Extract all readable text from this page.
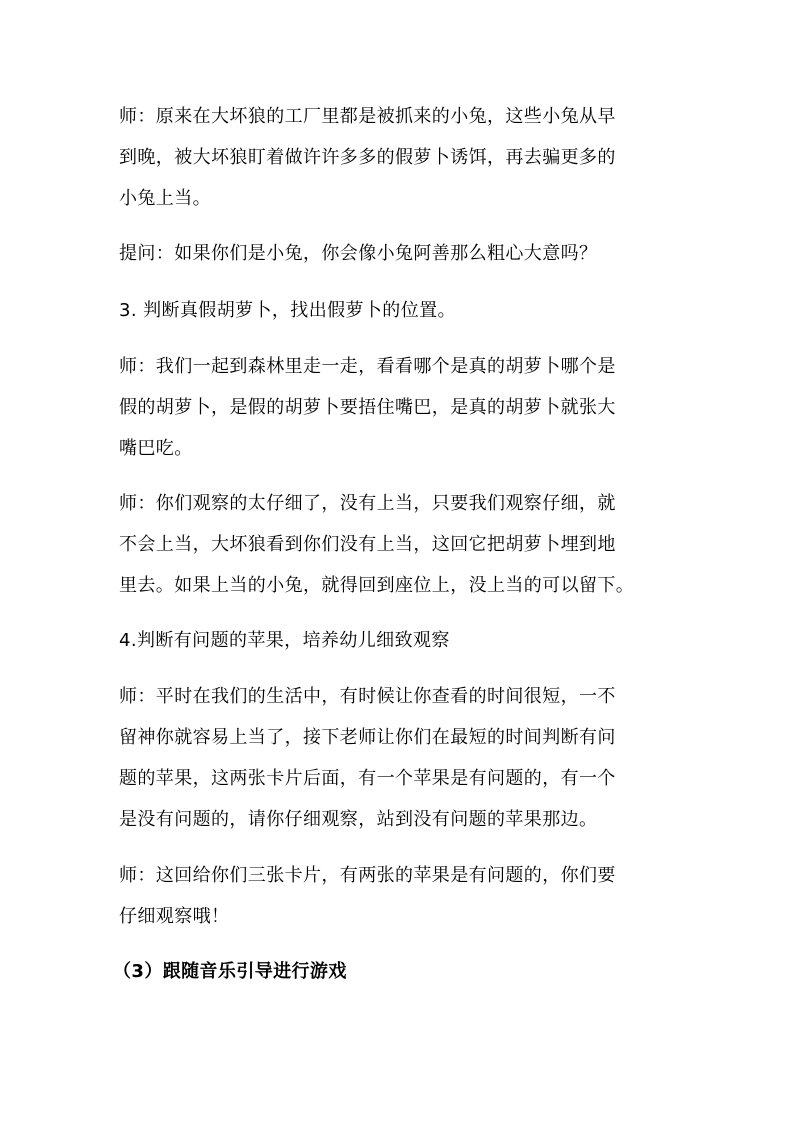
师：原来在大坏狼的工厂里都是被抓来的小兔，这些小兔从早
到晚，被大坏狼盯着做许许多多的假萝卜诱饵，再去骗更多的
小兔上当。
提问：如果你们是小兔，你会像小兔阿善那么粗心大意吗？
3. 判断真假胡萝卜，找出假萝卜的位置。
师：我们一起到森林里走一走，看看哪个是真的胡萝卜哪个是
假的胡萝卜，是假的胡萝卜要捂住嘴巴，是真的胡萝卜就张大
嘴巴吃。
师：你们观察的太仔细了，没有上当，只要我们观察仔细，就
不会上当，大坏狼看到你们没有上当，这回它把胡萝卜埋到地
里去。如果上当的小兔，就得回到座位上，没上当的可以留下。
4.判断有问题的苹果，培养幼儿细致观察
师：平时在我们的生活中，有时候让你查看的时间很短，一不
留神你就容易上当了，接下老师让你们在最短的时间判断有问
题的苹果，这两张卡片后面，有一个苹果是有问题的，有一个
是没有问题的，请你仔细观察，站到没有问题的苹果那边。
师：这回给你们三张卡片，有两张的苹果是有问题的，你们要
仔细观察哦！
（3）跟随音乐引导进行游戏
